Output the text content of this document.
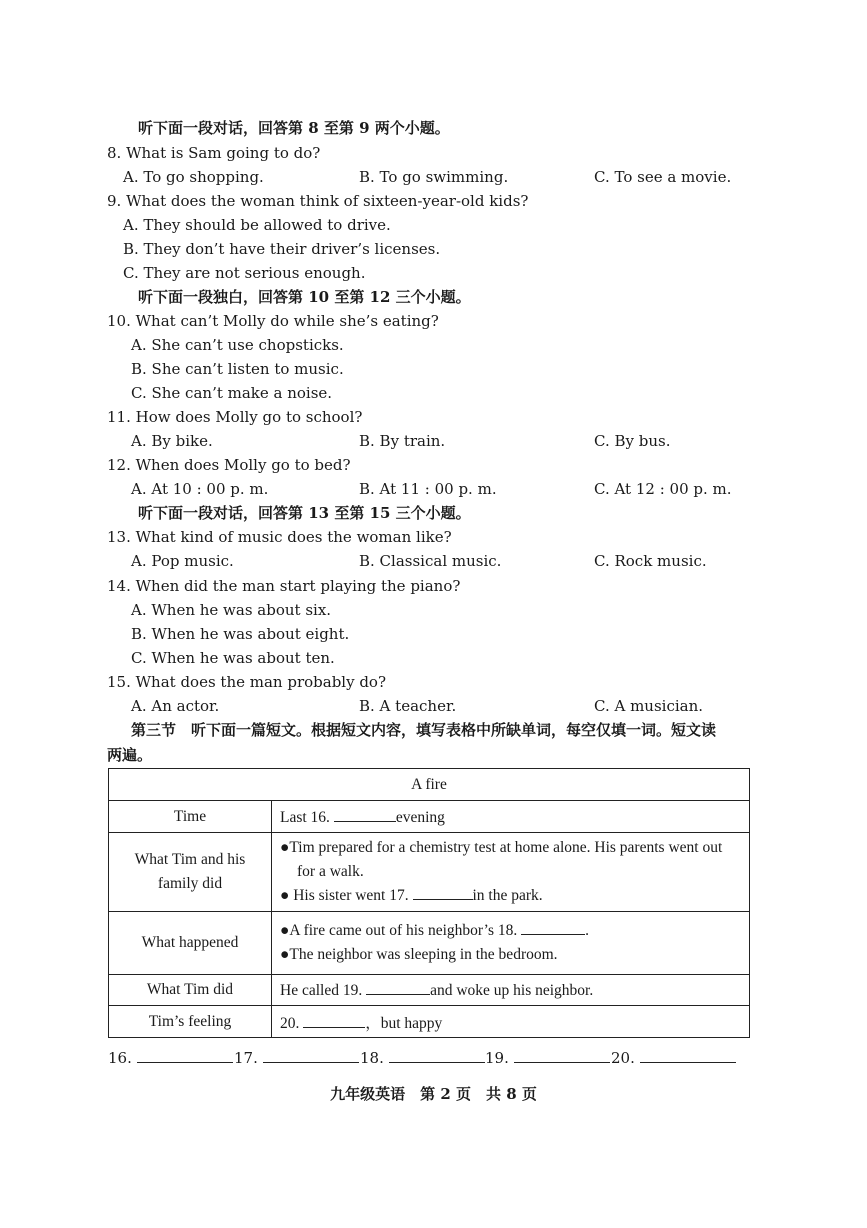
听下面一段对话，回答第 8 至第 9 两个小题。
8. What is Sam going to do?
A. To go shopping.	B. To go swimming.	C. To see a movie.
9. What does the woman think of sixteen-year-old kids?
A. They should be allowed to drive.
B. They don’t have their driver’s licenses.
C. They are not serious enough.
听下面一段独白，回答第 10 至第 12 三个小题。
10. What can’t Molly do while she’s eating?
A. She can’t use chopsticks.
B. She can’t listen to music.
C. She can’t make a noise.
11. How does Molly go to school?
A. By bike.	B. By train.	C. By bus.
12. When does Molly go to bed?
A. At 10 : 00 p. m.	B. At 11 : 00 p. m.	C. At 12 : 00 p. m.
听下面一段对话，回答第 13 至第 15 三个小题。
13. What kind of music does the woman like?
A. Pop music.	B. Classical music.	C. Rock music.
14. When did the man start playing the piano?
A. When he was about six.
B. When he was about eight.
C. When he was about ten.
15. What does the man probably do?
A. An actor.	B. A teacher.	C. A musician.
第三节　听下面一篇短文。根据短文内容，填写表格中所缺单词，每空仅填一词。短文读
两遍。
A fire	
Time	Last 16. evening

What Tim and his family did	●Tim prepared for a chemistry test at home alone. His parents went out for a walk.
● His sister went 17. in the park.

What happened	●A fire came out of his neighbor’s 18. .
●The neighbor was sleeping in the bedroom.

What Tim did	He called 19. and woke up his neighbor.
Tim’s feeling	20. ，but happy
16.	17.	18.	19.	20.
九年级英语　第 2 页　共 8 页
